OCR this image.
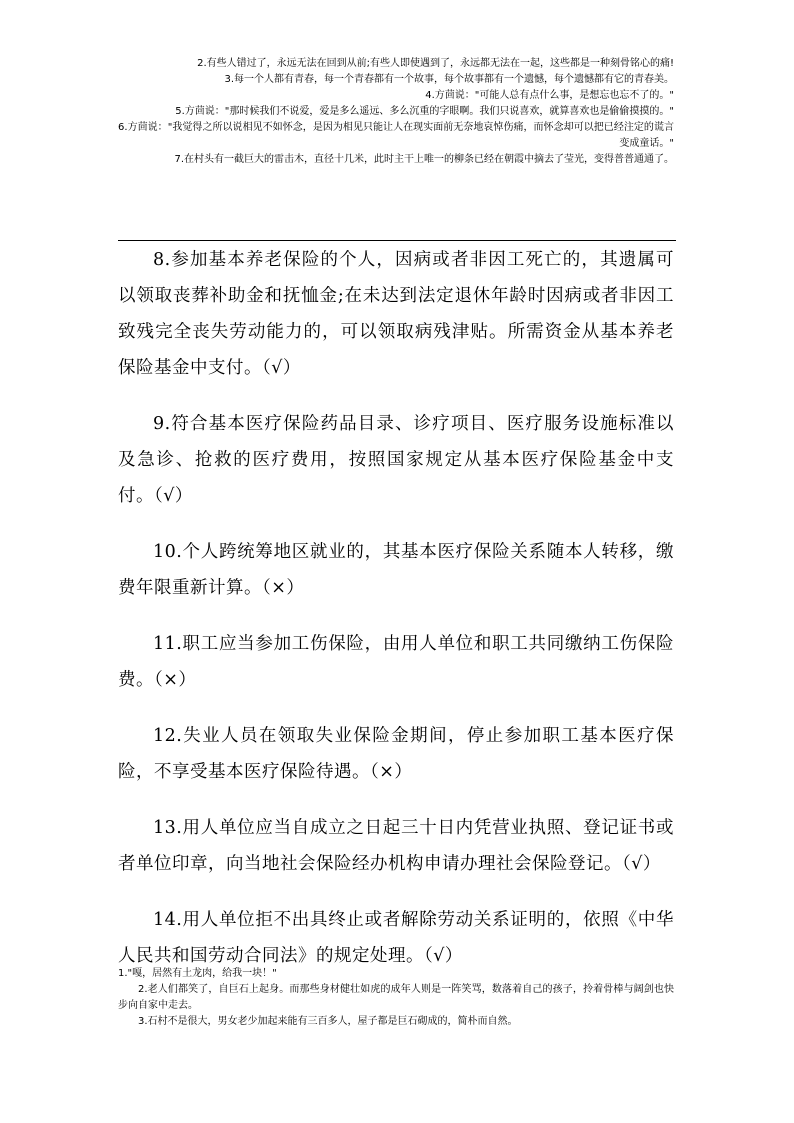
2.有些人错过了，永远无法在回到从前;有些人即使遇到了，永远都无法在一起，这些都是一种刻骨铭心的痛!

3.每一个人都有青春，每一个青春都有一个故事，每个故事都有一个遗憾，每个遗憾都有它的青春美。

4.方茴说："可能人总有点什么事，是想忘也忘不了的。"

5.方茴说："那时候我们不说爱，爱是多么遥远、多么沉重的字眼啊。我们只说喜欢，就算喜欢也是偷偷摸摸的。"

6.方茴说："我觉得之所以说相见不如怀念，是因为相见只能让人在现实面前无奈地哀悼伤痛，而怀念却可以把已经注定的谎言变成童话。"

7.在村头有一截巨大的雷击木，直径十几米，此时主干上唯一的柳条已经在朝霞中摘去了莹光，变得普普通通了。

8.参加基本养老保险的个人，因病或者非因工死亡的，其遗属可以领取丧葬补助金和抚恤金;在未达到法定退休年龄时因病或者非因工致残完全丧失劳动能力的，可以领取病残津贴。所需资金从基本养老保险基金中支付。（√）

9.符合基本医疗保险药品目录、诊疗项目、医疗服务设施标准以及急诊、抢救的医疗费用，按照国家规定从基本医疗保险基金中支付。（√）

10.个人跨统筹地区就业的，其基本医疗保险关系随本人转移，缴费年限重新计算。（×）

11.职工应当参加工伤保险，由用人单位和职工共同缴纳工伤保险费。（×）

12.失业人员在领取失业保险金期间，停止参加职工基本医疗保险，不享受基本医疗保险待遇。（×）

13.用人单位应当自成立之日起三十日内凭营业执照、登记证书或者单位印章，向当地社会保险经办机构申请办理社会保险登记。（√）

14.用人单位拒不出具终止或者解除劳动关系证明的，依照《中华人民共和国劳动合同法》的规定处理。（√）

1."嘎，居然有土龙肉，给我一块！"

2.老人们都笑了，自巨石上起身。而那些身材健壮如虎的成年人则是一阵笑骂，数落着自己的孩子，拎着骨棒与阔剑也快步向自家中走去。

3.石村不是很大，男女老少加起来能有三百多人，屋子都是巨石砌成的，简朴而自然。
